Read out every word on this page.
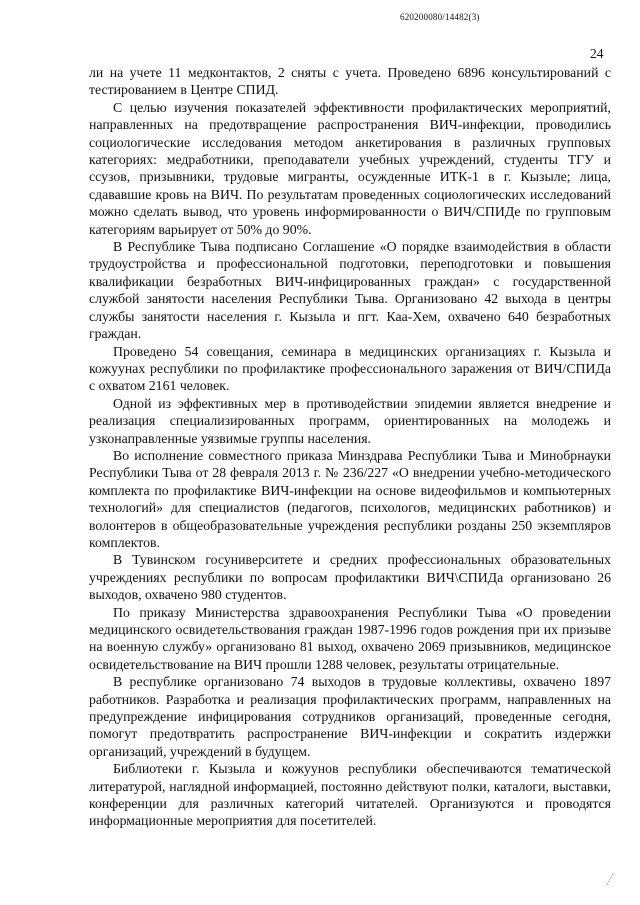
620200080/14482(3)
24

ли на учете 11 медконтактов, 2 сняты с учета. Проведено 6896 консультирований с тестированием в Центре СПИД.

С целью изучения показателей эффективности профилактических мероприятий, направленных на предотвращение распространения ВИЧ-инфекции, проводились социологические исследования методом анкетирования в различных групповых категориях: медработники, преподаватели учебных учреждений, студенты ТГУ и ссузов, призывники, трудовые мигранты, осужденные ИТК-1 в г. Кызыле; лица, сдававшие кровь на ВИЧ. По результатам проведенных социологических исследований можно сделать вывод, что уровень информированности о ВИЧ/СПИДе по групповым категориям варьирует от 50% до 90%.

В Республике Тыва подписано Соглашение «О порядке взаимодействия в области трудоустройства и профессиональной подготовки, переподготовки и повышения квалификации безработных ВИЧ-инфицированных граждан» с государственной службой занятости населения Республики Тыва. Организовано 42 выхода в центры службы занятости населения г. Кызыла и пгт. Каа-Хем, охвачено 640 безработных граждан.

Проведено 54 совещания, семинара в медицинских организациях г. Кызыла и кожуунах республики по профилактике профессионального заражения от ВИЧ/СПИДа с охватом 2161 человек.

Одной из эффективных мер в противодействии эпидемии является внедрение и реализация специализированных программ, ориентированных на молодежь и узконаправленные уязвимые группы населения.

Во исполнение совместного приказа Минздрава Республики Тыва и Минобрнауки Республики Тыва от 28 февраля 2013 г. № 236/227 «О внедрении учебно-методического комплекта по профилактике ВИЧ-инфекции на основе видеофильмов и компьютерных технологий» для специалистов (педагогов, психологов, медицинских работников) и волонтеров в общеобразовательные учреждения республики розданы 250 экземпляров комплектов.

В Тувинском госуниверситете и средних профессиональных образовательных учреждениях республики по вопросам профилактики ВИЧ\СПИДа организовано 26 выходов, охвачено 980 студентов.

По приказу Министерства здравоохранения Республики Тыва «О проведении медицинского освидетельствования граждан 1987-1996 годов рождения при их призыве на военную службу» организовано 81 выход, охвачено 2069 призывников, медицинское освидетельствование на ВИЧ прошли 1288 человек, результаты отрицательные.

В республике организовано 74 выходов в трудовые коллективы, охвачено 1897 работников. Разработка и реализация профилактических программ, направленных на предупреждение инфицирования сотрудников организаций, проведенные сегодня, помогут предотвратить распространение ВИЧ-инфекции и сократить издержки организаций, учреждений в будущем.

Библиотеки г. Кызыла и кожуунов республики обеспечиваются тематической литературой, наглядной информацией, постоянно действуют полки, каталоги, выставки, конференции для различных категорий читателей. Организуются и проводятся информационные мероприятия для посетителей.
